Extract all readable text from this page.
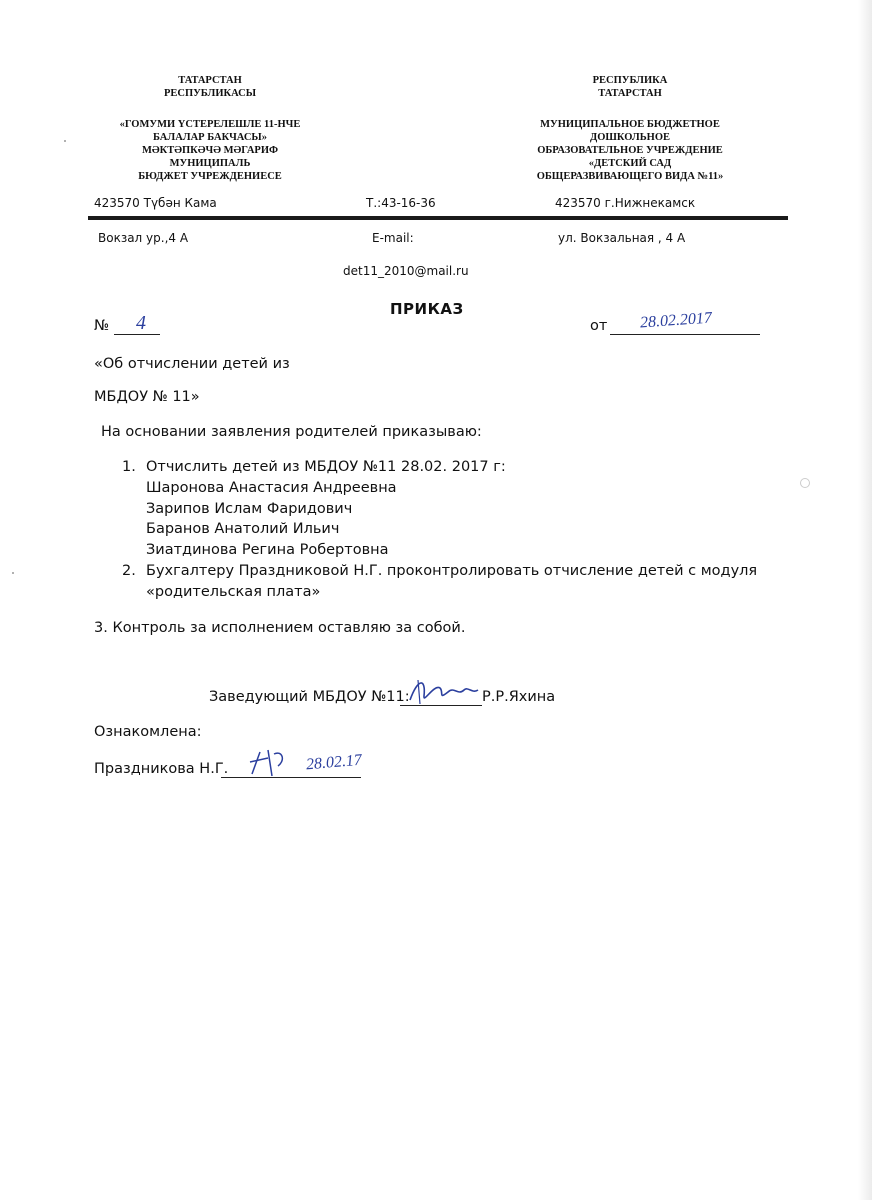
ТАТАРСТАН
РЕСПУБЛИКАСЫ
«ГОМУМИ ҮСТЕРЕЛЕШЛЕ 11-НЧЕ
БАЛАЛАР БАКЧАСЫ»
МӘКТӘПКӘЧӘ МӘГАРИФ
МУНИЦИПАЛЬ
БЮДЖЕТ УЧРЕЖДЕНИЕСЕ
РЕСПУБЛИКА
ТАТАРСТАН
МУНИЦИПАЛЬНОЕ БЮДЖЕТНОЕ
ДОШКОЛЬНОЕ
ОБРАЗОВАТЕЛЬНОЕ УЧРЕЖДЕНИЕ
«ДЕТСКИЙ САД
ОБЩЕРАЗВИВАЮЩЕГО ВИДА №11»
423570 Түбән Кама	Т.:43-16-36	423570 г.Нижнекамск
Вокзал ур.,4 А	E-mail:	ул. Вокзальная , 4 А
det11_2010@mail.ru
ПРИКАЗ
№ 4	от 28.02.2017
«Об отчислении детей из
МБДОУ № 11»
На основании заявления родителей приказываю:
1. Отчислить детей из МБДОУ №11 28.02. 2017 г:
Шаронова Анастасия Андреевна
Зарипов Ислам Фаридович
Баранов Анатолий Ильич
Зиатдинова Регина Робертовна
2. Бухгалтеру Праздниковой Н.Г. проконтролировать отчисление детей с модуля
«родительская плата»
3. Контроль за исполнением оставляю за собой.
Заведующий МБДОУ №11:	Р.Р.Яхина
Ознакомлена:
Праздникова Н.Г.	28.02.17
